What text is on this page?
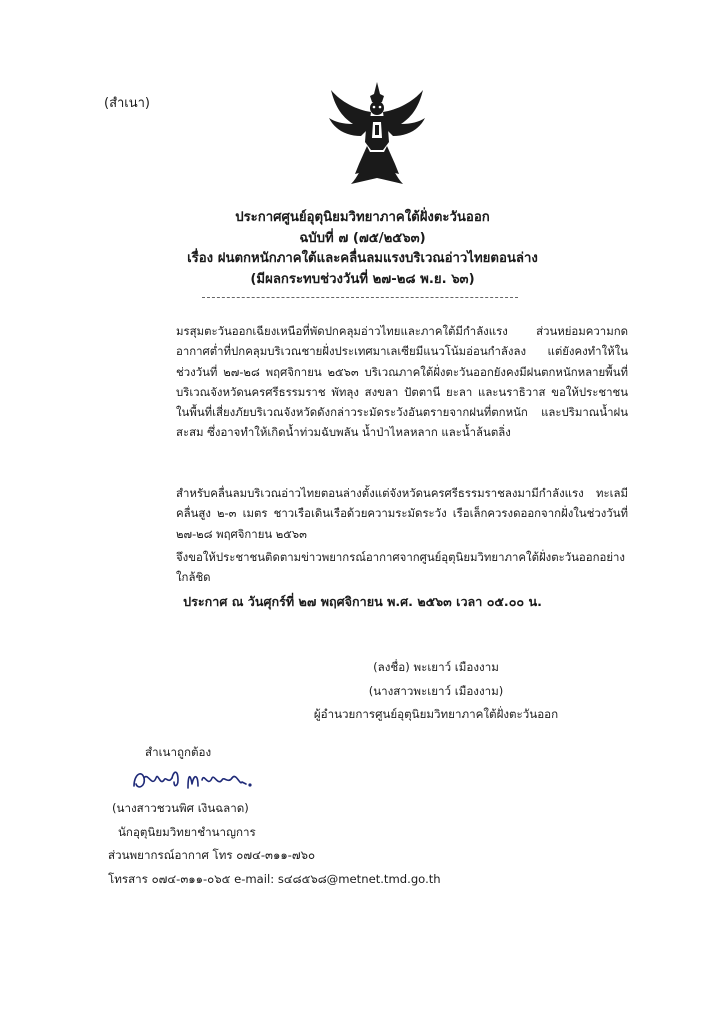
(สำเนา)
ประกาศศูนย์อุตุนิยมวิทยาภาคใต้ฝั่งตะวันออก
ฉบับที่ ๗ (๗๕/๒๕๖๓)
เรื่อง ฝนตกหนักภาคใต้และคลื่นลมแรงบริเวณอ่าวไทยตอนล่าง
(มีผลกระทบช่วงวันที่ ๒๗-๒๘ พ.ย. ๖๓)
มรสุมตะวันออกเฉียงเหนือที่พัดปกคลุมอ่าวไทยและภาคใต้มีกำลังแรง ส่วนหย่อมความกดอากาศต่ำที่ปกคลุมบริเวณชายฝั่งประเทศมาเลเซียมีแนวโน้มอ่อนกำลังลง แต่ยังคงทำให้ในช่วงวันที่ ๒๗-๒๘ พฤศจิกายน ๒๕๖๓ บริเวณภาคใต้ฝั่งตะวันออกยังคงมีฝนตกหนักหลายพื้นที่บริเวณจังหวัดนครศรีธรรมราช พัทลุง สงขลา ปัตตานี ยะลา และนราธิวาส ขอให้ประชาชนในพื้นที่เสี่ยงภัยบริเวณจังหวัดดังกล่าวระมัดระวังอันตรายจากฝนที่ตกหนัก และปริมาณน้ำฝนสะสม ซึ่งอาจทำให้เกิดน้ำท่วมฉับพลัน น้ำป่าไหลหลาก และน้ำล้นตลิ่ง
สำหรับคลื่นลมบริเวณอ่าวไทยตอนล่างตั้งแต่จังหวัดนครศรีธรรมราชลงมามีกำลังแรง ทะเลมีคลื่นสูง ๒-๓ เมตร ชาวเรือเดินเรือด้วยความระมัดระวัง เรือเล็กควรงดออกจากฝั่งในช่วงวันที่ ๒๗-๒๘ พฤศจิกายน ๒๕๖๓
จึงขอให้ประชาชนติดตามข่าวพยากรณ์อากาศจากศูนย์อุตุนิยมวิทยาภาคใต้ฝั่งตะวันออกอย่างใกล้ชิด
ประกาศ ณ วันศุกร์ที่ ๒๗ พฤศจิกายน พ.ศ. ๒๕๖๓ เวลา ๐๕.๐๐ น.
(ลงชื่อ) พะเยาว์ เมืองงาม
(นางสาวพะเยาว์ เมืองงาม)
ผู้อำนวยการศูนย์อุตุนิยมวิทยาภาคใต้ฝั่งตะวันออก
สำเนาถูกต้อง
(นางสาวชวนพิศ เงินฉลาด)
นักอุตุนิยมวิทยาชำนาญการ
ส่วนพยากรณ์อากาศ โทร ๐๗๔-๓๑๑-๗๖๐
โทรสาร ๐๗๔-๓๑๑-๐๖๕ e-mail: s๔๘๕๖๘@metnet.tmd.go.th
